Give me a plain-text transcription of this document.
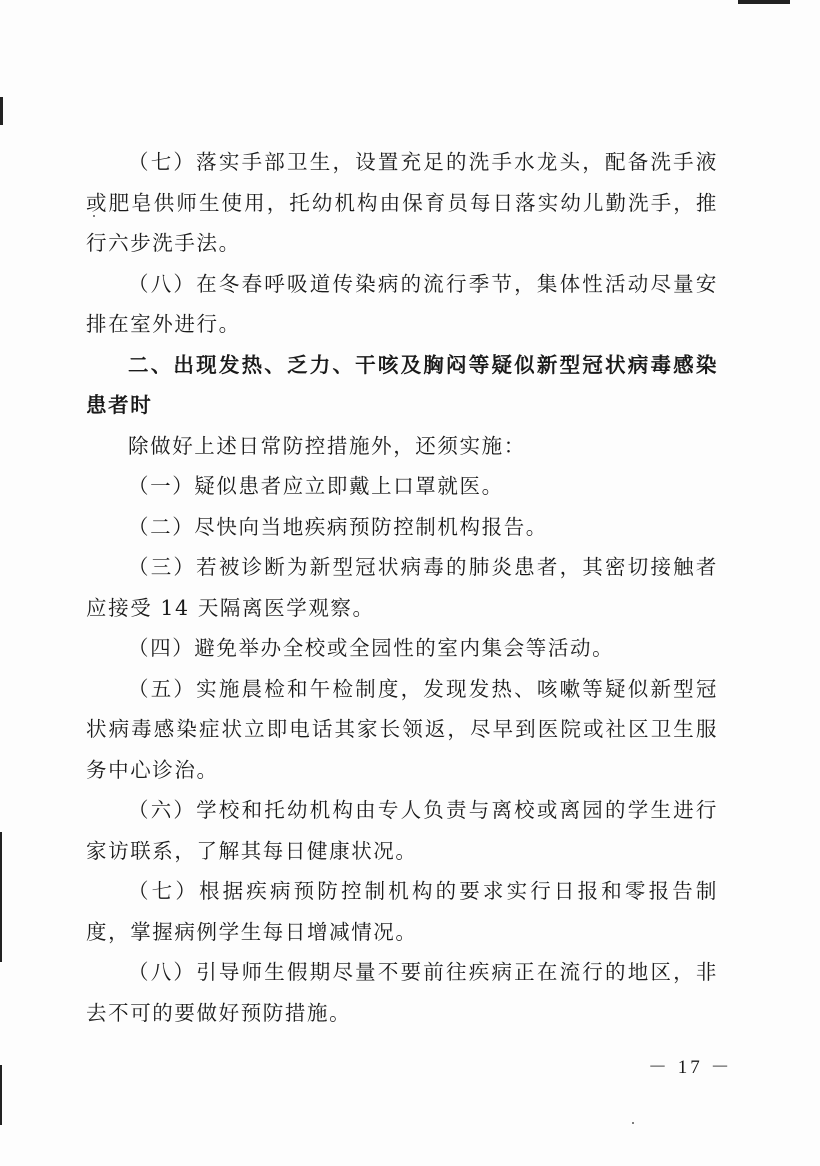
（七）落实手部卫生，设置充足的洗手水龙头，配备洗手液或肥皂供师生使用，托幼机构由保育员每日落实幼儿勤洗手，推行六步洗手法。

（八）在冬春呼吸道传染病的流行季节，集体性活动尽量安排在室外进行。

二、出现发热、乏力、干咳及胸闷等疑似新型冠状病毒感染患者时

除做好上述日常防控措施外，还须实施：

（一）疑似患者应立即戴上口罩就医。

（二）尽快向当地疾病预防控制机构报告。

（三）若被诊断为新型冠状病毒的肺炎患者，其密切接触者应接受 14 天隔离医学观察。

（四）避免举办全校或全园性的室内集会等活动。

（五）实施晨检和午检制度，发现发热、咳嗽等疑似新型冠状病毒感染症状立即电话其家长领返，尽早到医院或社区卫生服务中心诊治。

（六）学校和托幼机构由专人负责与离校或离园的学生进行家访联系，了解其每日健康状况。

（七）根据疾病预防控制机构的要求实行日报和零报告制度，掌握病例学生每日增减情况。

（八）引导师生假期尽量不要前往疾病正在流行的地区，非去不可的要做好预防措施。

－ 17 －
